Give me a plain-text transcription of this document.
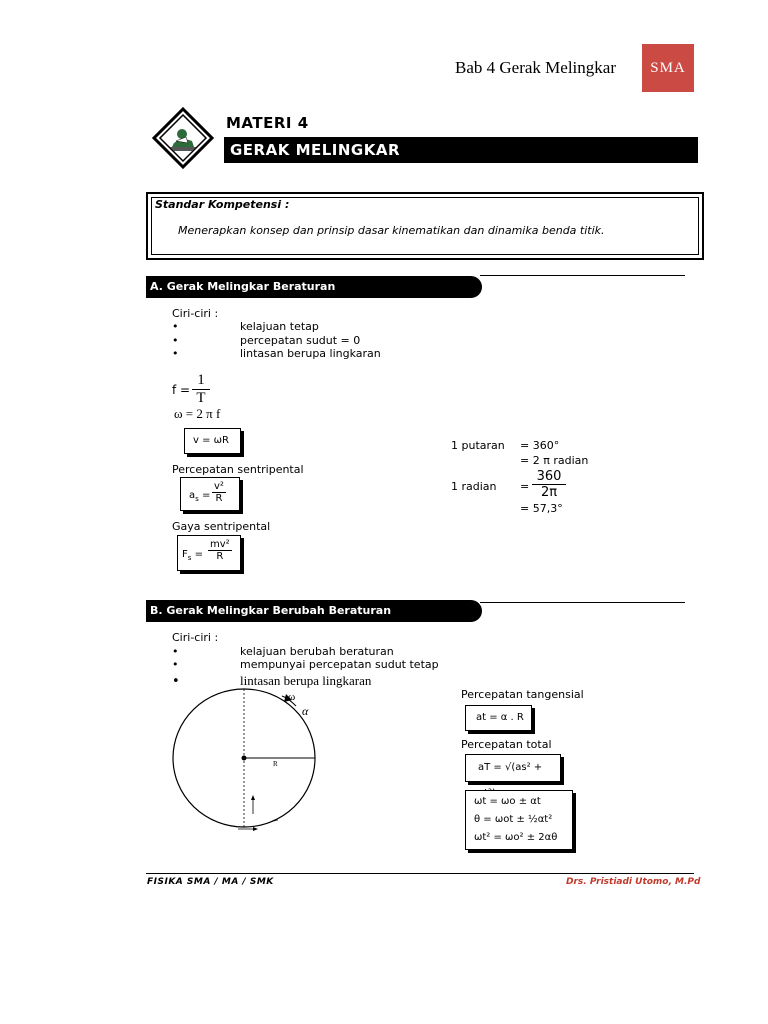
Bab 4 Gerak Melingkar	SMA
MATERI 4
GERAK MELINGKAR
Standar Kompetensi :
Menerapkan konsep dan prinsip dasar kinematikan dan dinamika benda titik.
A. Gerak Melingkar Beraturan
Ciri-ciri :
•	kelajuan tetap
•	percepatan sudut = 0
•	lintasan berupa lingkaran
$f = \frac{1}{T}$
ω = 2 π f
v = ωR
Percepatan sentripental
$a_s = \frac{\text{v²}}{R}$
Gaya sentripental
$F_s = \frac{\text{mv²}}{R}$
1 putaran = 360°
= 2 π radian
1 radian = $\frac{360}{2\pi}$
= 57,3°
B. Gerak Melingkar Berubah Beraturan
Ciri-ciri :
•	kelajuan berubah beraturan
•	mempunyai percepatan sudut tetap
•	lintasan berupa lingkaran
ω
α
R
Percepatan tangensial
at = α . R
Percepatan total
aT = √(as² +
ωt = ωo ± αt
θ = ωot ± ½αt²
ωt² = ωo² ± 2αθ
FISIKA SMA / MA / SMK	Drs. Pristiadi Utomo, M.Pd
